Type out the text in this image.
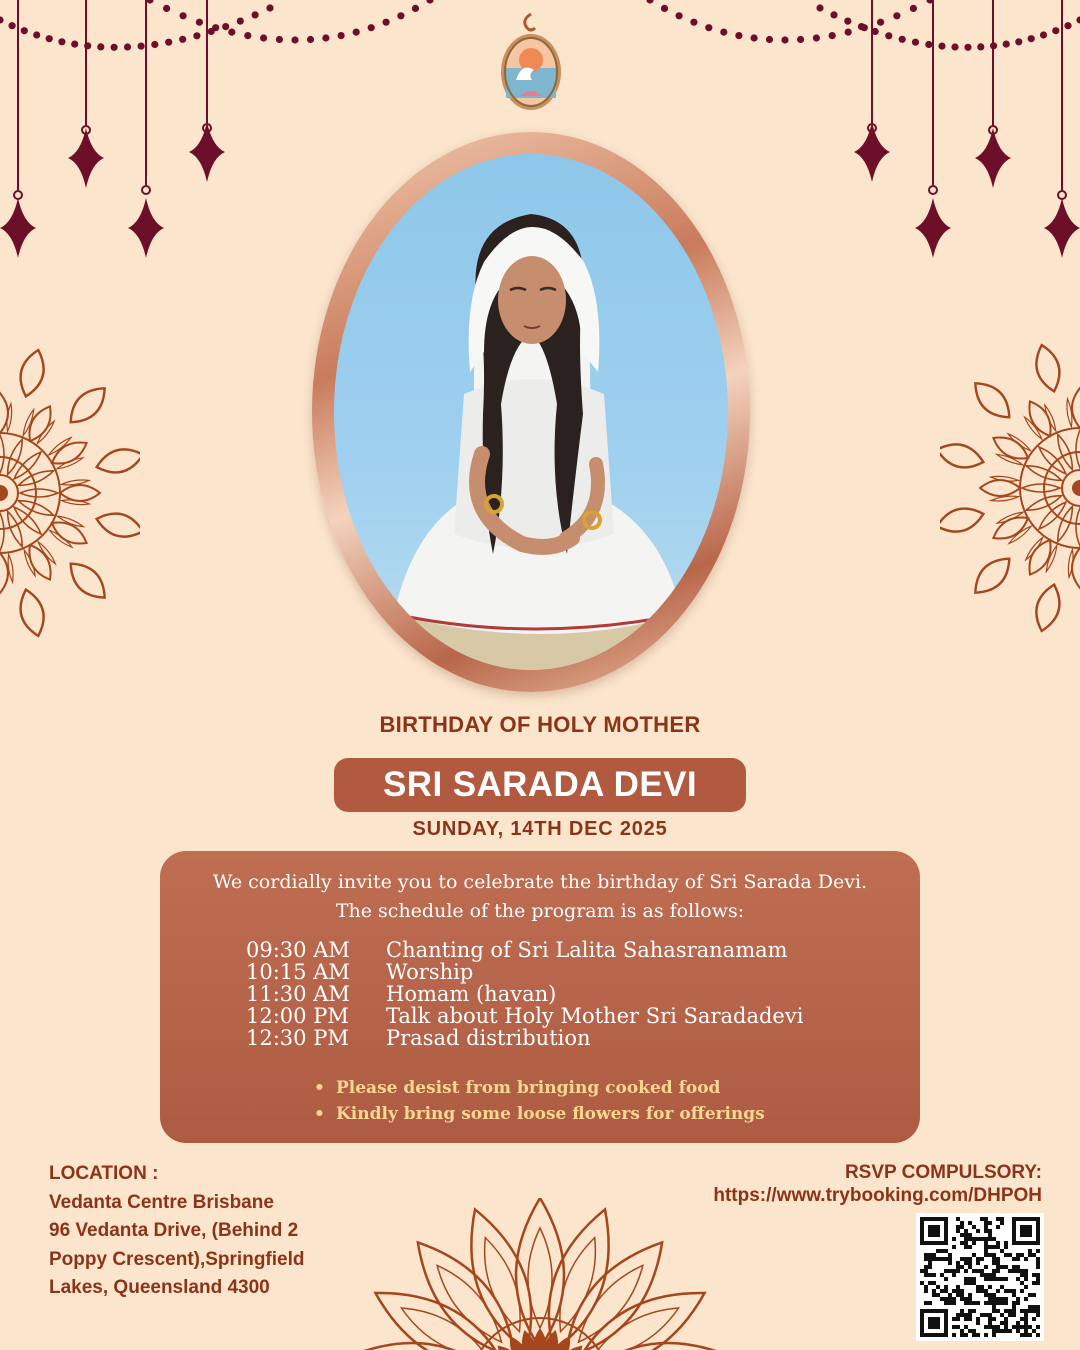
BIRTHDAY OF HOLY MOTHER
SRI SARADA DEVI
SUNDAY, 14TH DEC 2025
We cordially invite you to celebrate the birthday of Sri Sarada Devi.
The schedule of the program is as follows:
09:30 AM Chanting of Sri Lalita Sahasranamam
10:15 AM Worship
11:30 AM Homam (havan)
12:00 PM Talk about Holy Mother Sri Saradadevi
12:30 PM Prasad distribution
• Please desist from bringing cooked food
• Kindly bring some loose flowers for offerings
LOCATION :
Vedanta Centre Brisbane
96 Vedanta Drive, (Behind 2
Poppy Crescent),Springfield
Lakes, Queensland 4300
RSVP COMPULSORY:
https://www.trybooking.com/DHPOH
